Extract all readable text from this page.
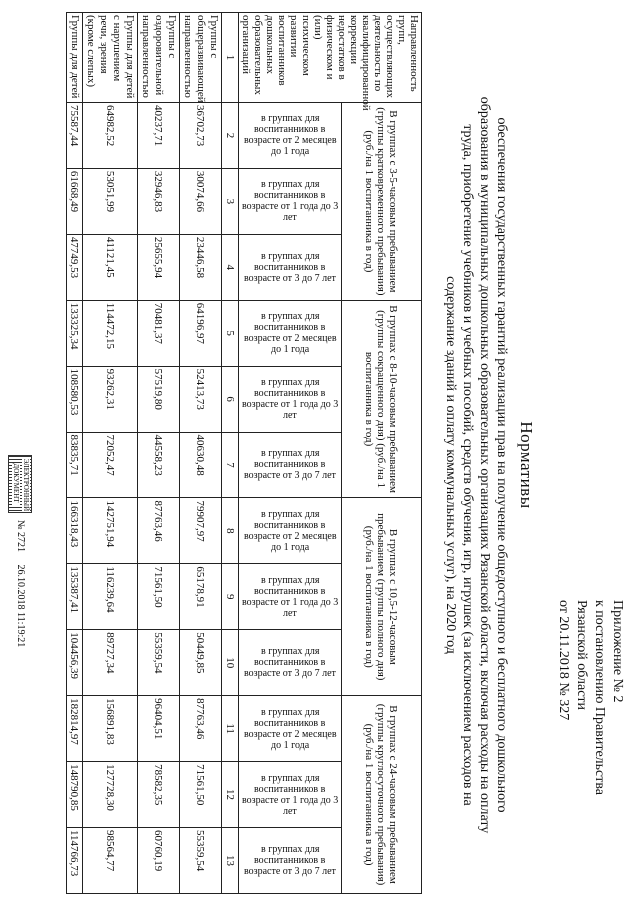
Приложение № 2
к постановлению Правительства
Рязанской области
от 20.11.2018 № 327
Нормативы
обеспечения государственных гарантий реализации прав на получение общедоступного и бесплатного дошкольного образования в муниципальных дошкольных образовательных организациях Рязанской области, включая расходы на оплату труда, приобретение учебников и учебных пособий, средств обучения, игр, игрушек (за исключением расходов на содержание зданий и оплату коммунальных услуг), на 2020 год
Направленность групп, осуществляющих деятельность по квалифицированной коррекции недостатков в физическом и (или) психическом развитии воспитанников дошкольных образовательных организаций	В группах с 3-5-часовым пребыванием (группы кратковременного пребывания) (руб./на 1 воспитанника в год)			В группах с 8-10-часовым пребыванием (группы сокращенного дня) (руб./на 1 воспитанника в год)			В группах с 10,5-12-часовым пребыванием (группы полного дня) (руб./на 1 воспитанника в год)			В группах с 24-часовым пребыванием (группы круглосуточного пребывания) (руб./на 1 воспитанника в год)		

	в группах для воспитанников в возрасте от 2 месяцев до 1 года	в группах для воспитанников в возрасте от 1 года до 3 лет	в группах для воспитанников в возрасте от 3 до 7 лет	в группах для воспитанников в возрасте от 2 месяцев до 1 года	в группах для воспитанников в возрасте от 1 года до 3 лет	в группах для воспитанников в возрасте от 3 до 7 лет	в группах для воспитанников в возрасте от 2 месяцев до 1 года	в группах для воспитанников в возрасте от 1 года до 3 лет	в группах для воспитанников в возрасте от 3 до 7 лет	в группах для воспитанников в возрасте от 2 месяцев до 1 года	в группах для воспитанников в возрасте от 1 года до 3 лет	в группах для воспитанников в возрасте от 3 до 7 лет

1	2	3	4	5	6	7	8	9	10	11	12	13
Группы с общеразвивающей направленностью	36702,73	30074,66	23446,58	64196,97	52413,73	40630,48	79907,97	65178,91	50449,85	87763,46	71561,50	55359,54
Группы с оздоровительной направленностью	40237,71	32946,83	25655,94	70481,37	57519,80	44558,23	87763,46	71561,50	55359,54	96404,51	78582,35	60760,19
Группы для детей с нарушением речи, зрения (кроме слепых)	64982,52	53051,99	41121,45	114472,15	93262,31	72052,47	142751,94	116239,64	89727,34	156891,83	127728,30	98564,77
Группы для детей	75587,44	61668,49	47749,53	133325,34	108580,53	83835,71	166318,43	135387,41	104456,39	182814,97	148790,85	114766,73
ЭЛЕКТРОННЫЙ ДОКУМЕНТ
№ 2721 26.10.2018 11:19:21
